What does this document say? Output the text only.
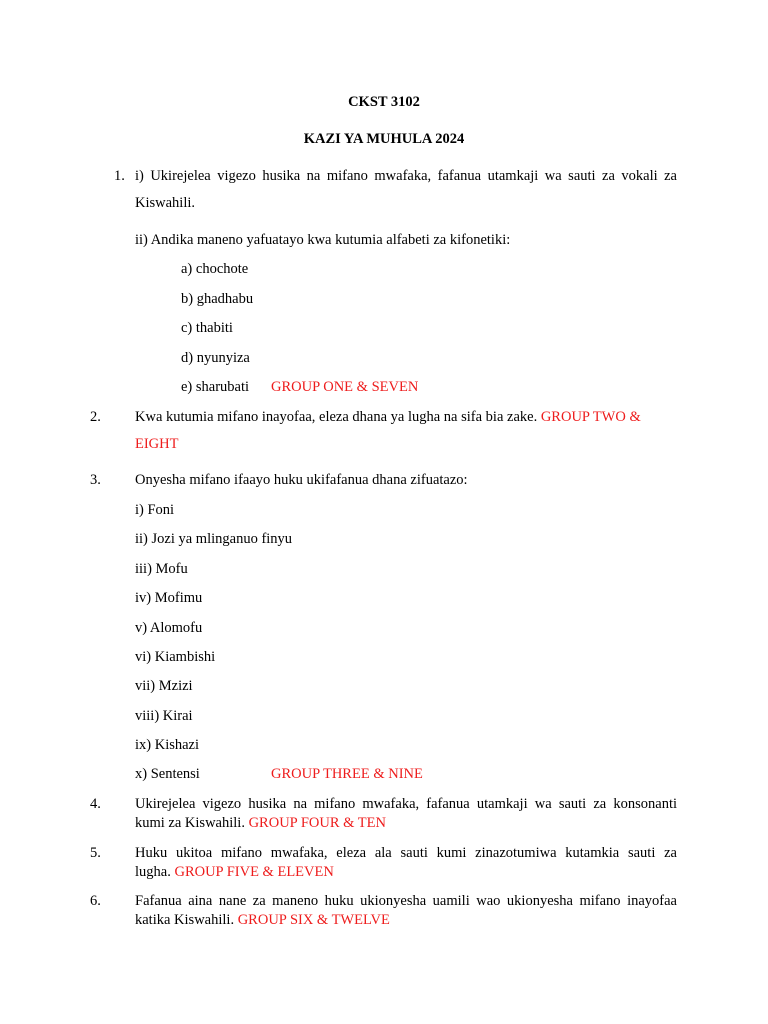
CKST 3102
KAZI YA MUHULA 2024
1. i) Ukirejelea vigezo husika na mifano mwafaka, fafanua utamkaji wa sauti za vokali za
Kiswahili.
ii) Andika maneno yafuatayo kwa kutumia alfabeti za kifonetiki:
a) chochote
b) ghadhabu
c) thabiti
d) nyunyiza
e) sharubati GROUP ONE & SEVEN
2. Kwa kutumia mifano inayofaa, eleza dhana ya lugha na sifa bia zake. GROUP TWO &
EIGHT
3. Onyesha mifano ifaayo huku ukifafanua dhana zifuatazo:
i) Foni
ii) Jozi ya mlinganuo finyu
iii) Mofu
iv) Mofimu
v) Alomofu
vi) Kiambishi
vii) Mzizi
viii) Kirai
ix) Kishazi
x) Sentensi	GROUP THREE & NINE
4. Ukirejelea vigezo husika na mifano mwafaka, fafanua utamkaji wa sauti za konsonanti
kumi za Kiswahili. GROUP FOUR & TEN
5. Huku ukitoa mifano mwafaka, eleza ala sauti kumi zinazotumiwa kutamkia sauti za
lugha. GROUP FIVE & ELEVEN
6. Fafanua aina nane za maneno huku ukionyesha uamili wao ukionyesha mifano inayofaa
katika Kiswahili. GROUP SIX & TWELVE
